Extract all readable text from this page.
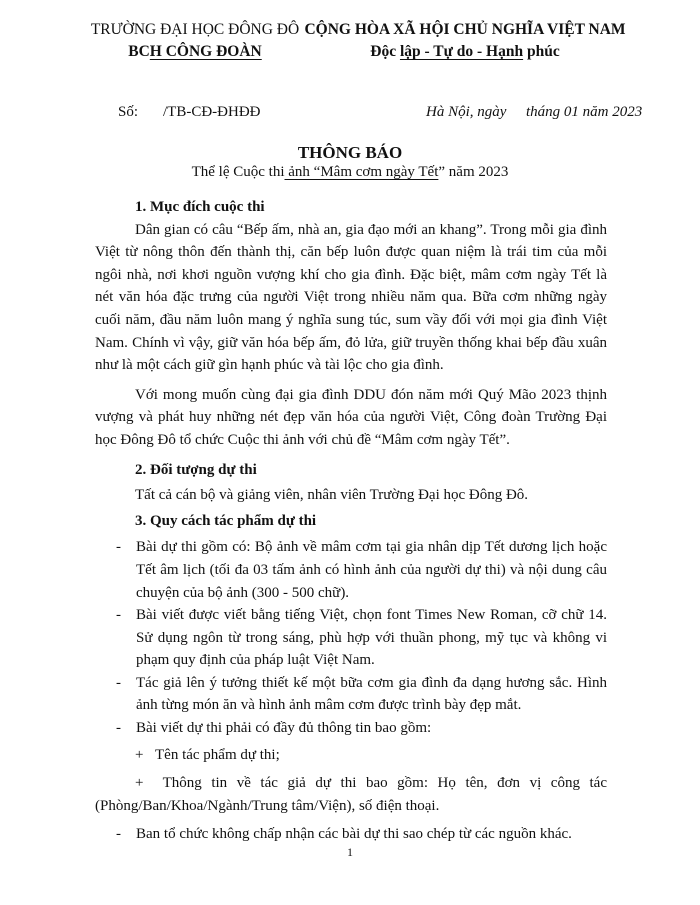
TRƯỜNG ĐẠI HỌC ĐÔNG ĐÔ
BCH CÔNG ĐOÀN
CỘNG HÒA XÃ HỘI CHỦ NGHĨA VIỆT NAM
Độc lập - Tự do - Hạnh phúc
Số: /TB-CĐ-ĐHĐĐ	Hà Nội, ngày tháng 01 năm 2023
THÔNG BÁO
Thể lệ Cuộc thi ảnh “Mâm cơm ngày Tết” năm 2023

1. Mục đích cuộc thi

Dân gian có câu “Bếp ấm, nhà an, gia đạo mới an khang”. Trong mỗi gia đình Việt từ nông thôn đến thành thị, căn bếp luôn được quan niệm là trái tim của mỗi ngôi nhà, nơi khơi nguồn vượng khí cho gia đình. Đặc biệt, mâm cơm ngày Tết là nét văn hóa đặc trưng của người Việt trong nhiều năm qua. Bữa cơm những ngày cuối năm, đầu năm luôn mang ý nghĩa sung túc, sum vầy đối với mọi gia đình Việt Nam. Chính vì vậy, giữ văn hóa bếp ấm, đỏ lửa, giữ truyền thống khai bếp đầu xuân như là một cách giữ gìn hạnh phúc và tài lộc cho gia đình.

Với mong muốn cùng đại gia đình DDU đón năm mới Quý Mão 2023 thịnh vượng và phát huy những nét đẹp văn hóa của người Việt, Công đoàn Trường Đại học Đông Đô tổ chức Cuộc thi ảnh với chủ đề “Mâm cơm ngày Tết”.

2. Đối tượng dự thi

Tất cả cán bộ và giảng viên, nhân viên Trường Đại học Đông Đô.

3. Quy cách tác phẩm dự thi

- Bài dự thi gồm có: Bộ ảnh về mâm cơm tại gia nhân dịp Tết dương lịch hoặc Tết âm lịch (tối đa 03 tấm ảnh có hình ảnh của người dự thi) và nội dung câu chuyện của bộ ảnh (300 - 500 chữ).
- Bài viết được viết bằng tiếng Việt, chọn font Times New Roman, cỡ chữ 14. Sử dụng ngôn từ trong sáng, phù hợp với thuần phong, mỹ tục và không vi phạm quy định của pháp luật Việt Nam.
- Tác giả lên ý tưởng thiết kế một bữa cơm gia đình đa dạng hương sắc. Hình ảnh từng món ăn và hình ảnh mâm cơm được trình bày đẹp mắt.
- Bài viết dự thi phải có đầy đủ thông tin bao gồm:
+ Tên tác phẩm dự thi;

+ Thông tin về tác giả dự thi bao gồm: Họ tên, đơn vị công tác

(Phòng/Ban/Khoa/Ngành/Trung tâm/Viện), số điện thoại.

- Ban tổ chức không chấp nhận các bài dự thi sao chép từ các nguồn khác.
1
